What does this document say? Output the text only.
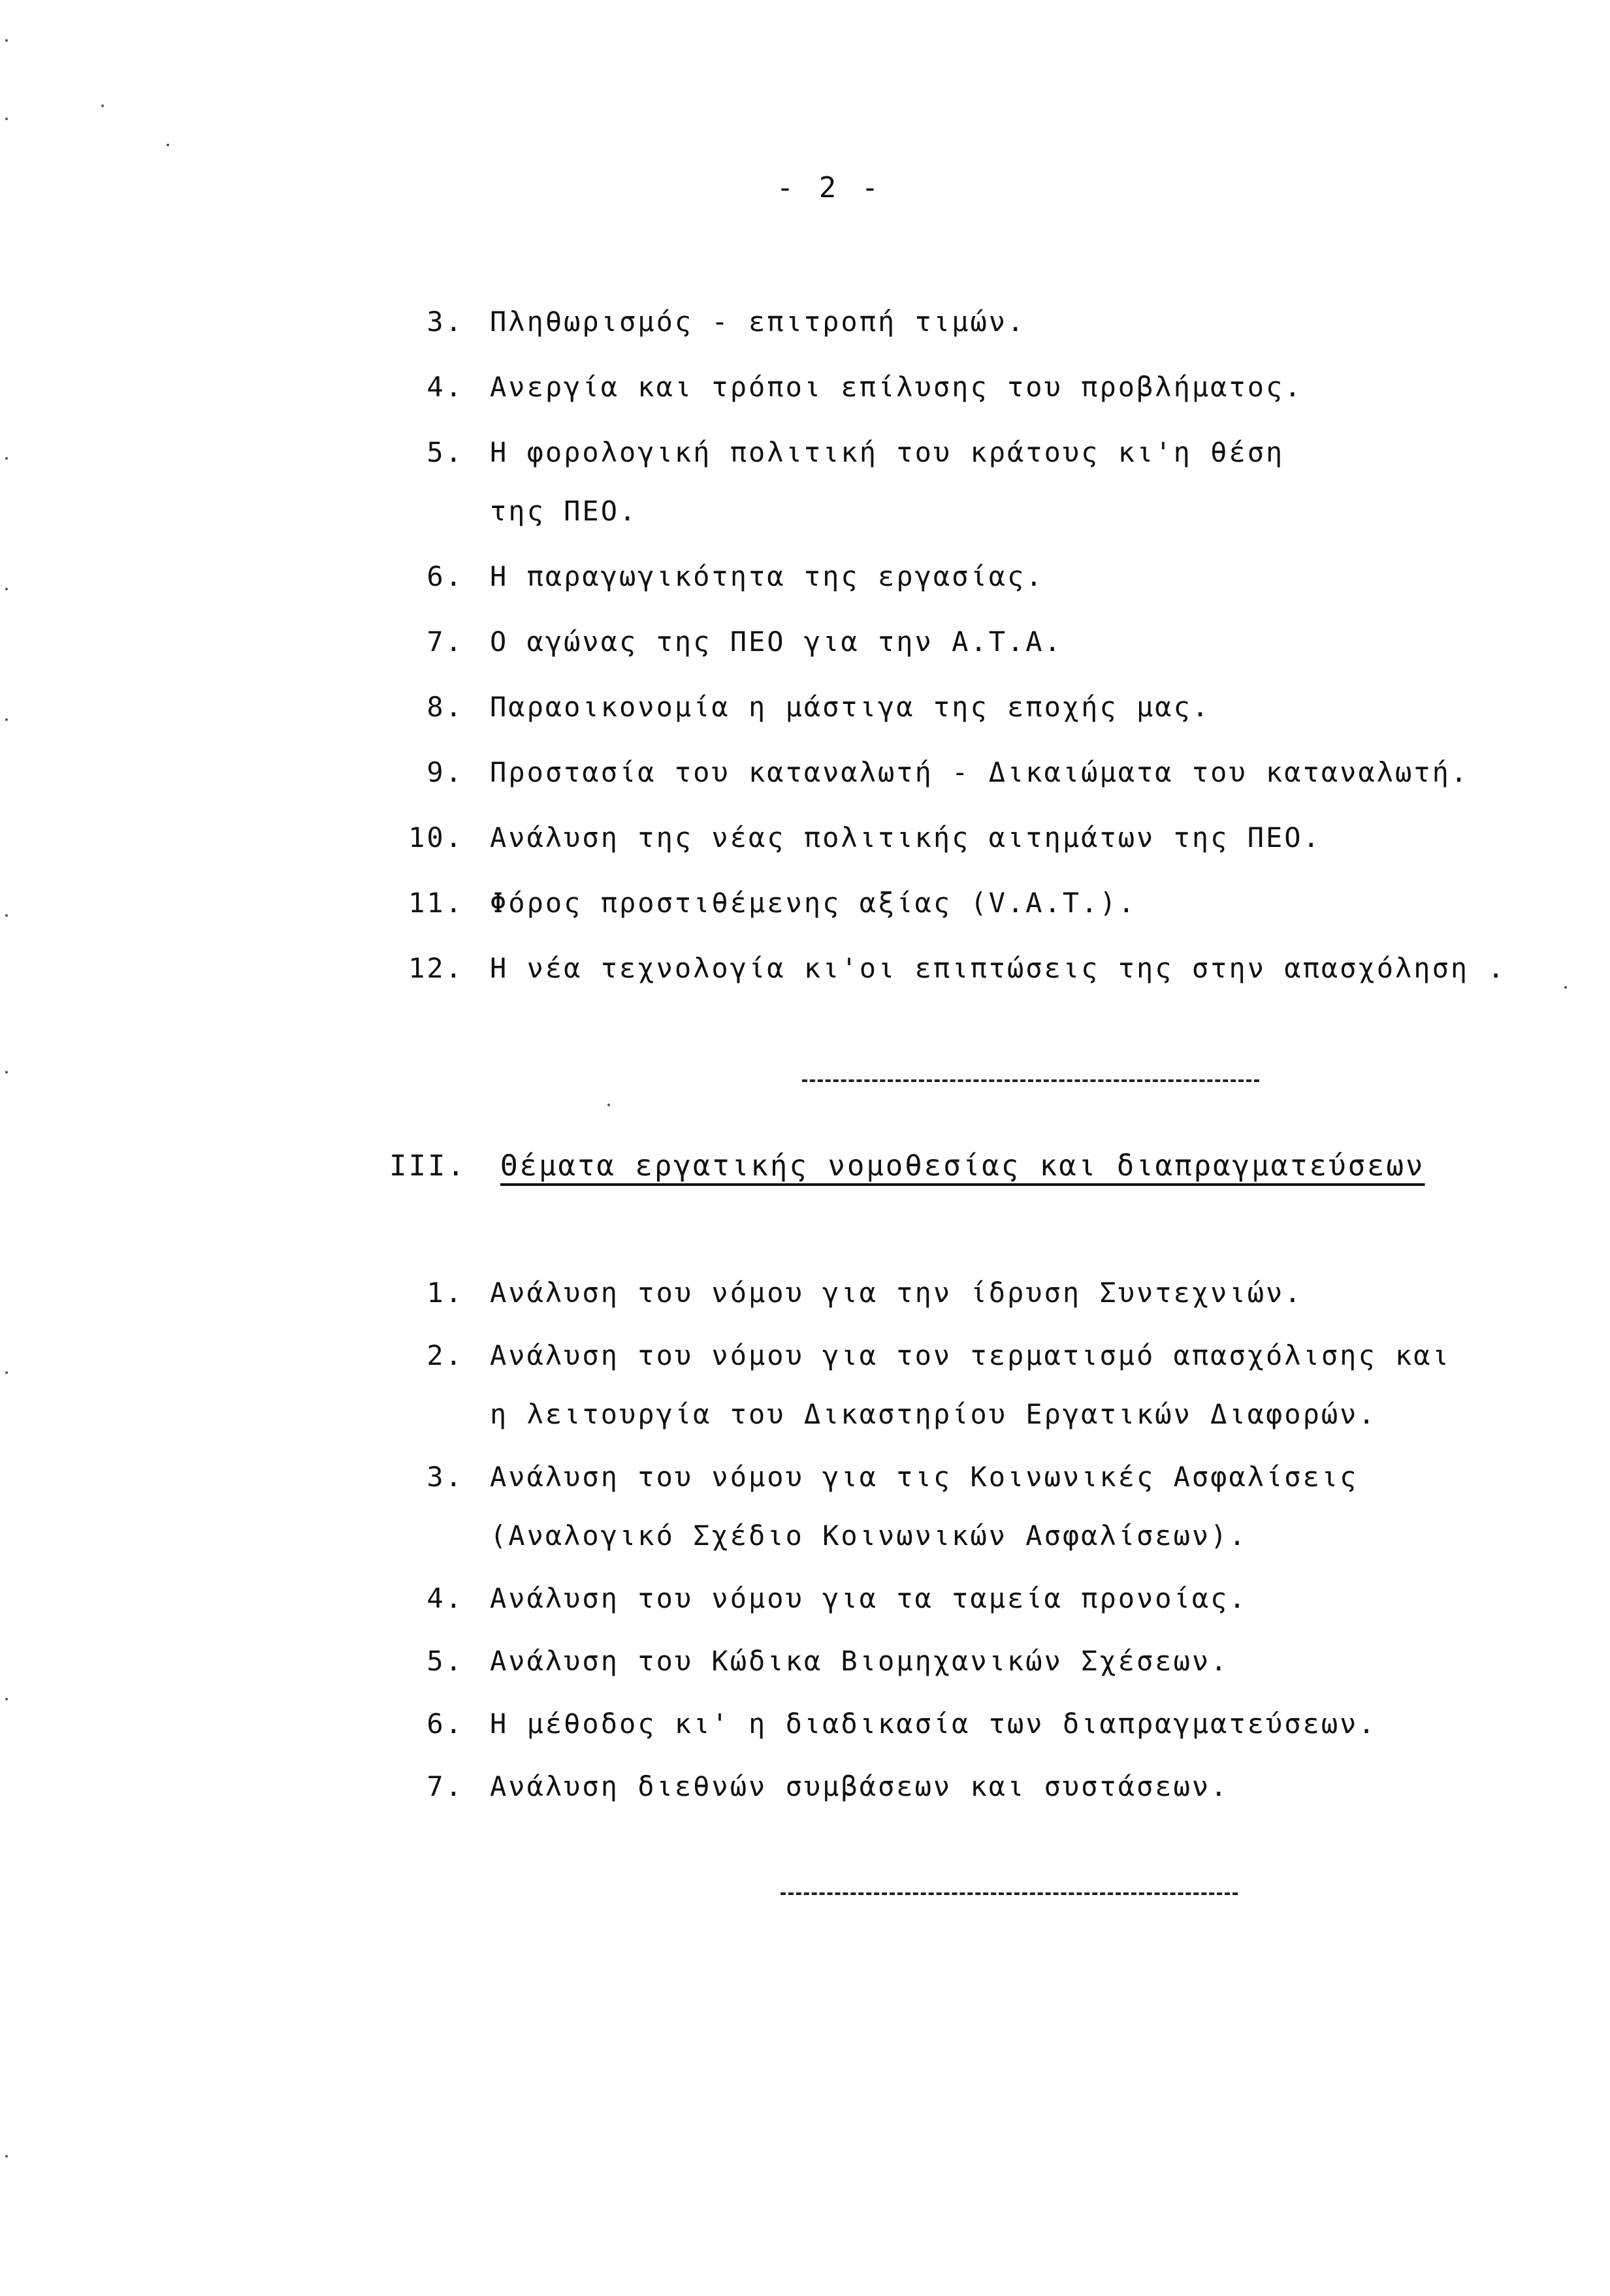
- 2 -
3. Πληθωρισμός - επιτροπή τιμών.
4. Ανεργία και τρόποι επίλυσης του προβλήματος.
5. Η φορολογική πολιτική του κράτους κι'η θέση
της ΠΕΟ.
6. Η παραγωγικότητα της εργασίας.
7. Ο αγώνας της ΠΕΟ για την Α.Τ.Α.
8. Παραοικονομία η μάστιγα της εποχής μας.
9. Προστασία του καταναλωτή - Δικαιώματα του καταναλωτή.
10. Ανάλυση της νέας πολιτικής αιτημάτων της ΠΕΟ.
11. Φόρος προστιθέμενης αξίας (V.A.T.).
12. Η νέα τεχνολογία κι'οι επιπτώσεις της στην απασχόληση .
III. Θέματα εργατικής νομοθεσίας και διαπραγματεύσεων
1. Ανάλυση του νόμου για την ίδρυση Συντεχνιών.
2. Ανάλυση του νόμου για τον τερματισμό απασχόλισης και
η λειτουργία του Δικαστηρίου Εργατικών Διαφορών.
3. Ανάλυση του νόμου για τις Κοινωνικές Ασφαλίσεις
(Αναλογικό Σχέδιο Κοινωνικών Ασφαλίσεων).
4. Ανάλυση του νόμου για τα ταμεία προνοίας.
5. Ανάλυση του Κώδικα Βιομηχανικών Σχέσεων.
6. Η μέθοδος κι' η διαδικασία των διαπραγματεύσεων.
7. Ανάλυση διεθνών συμβάσεων και συστάσεων.
